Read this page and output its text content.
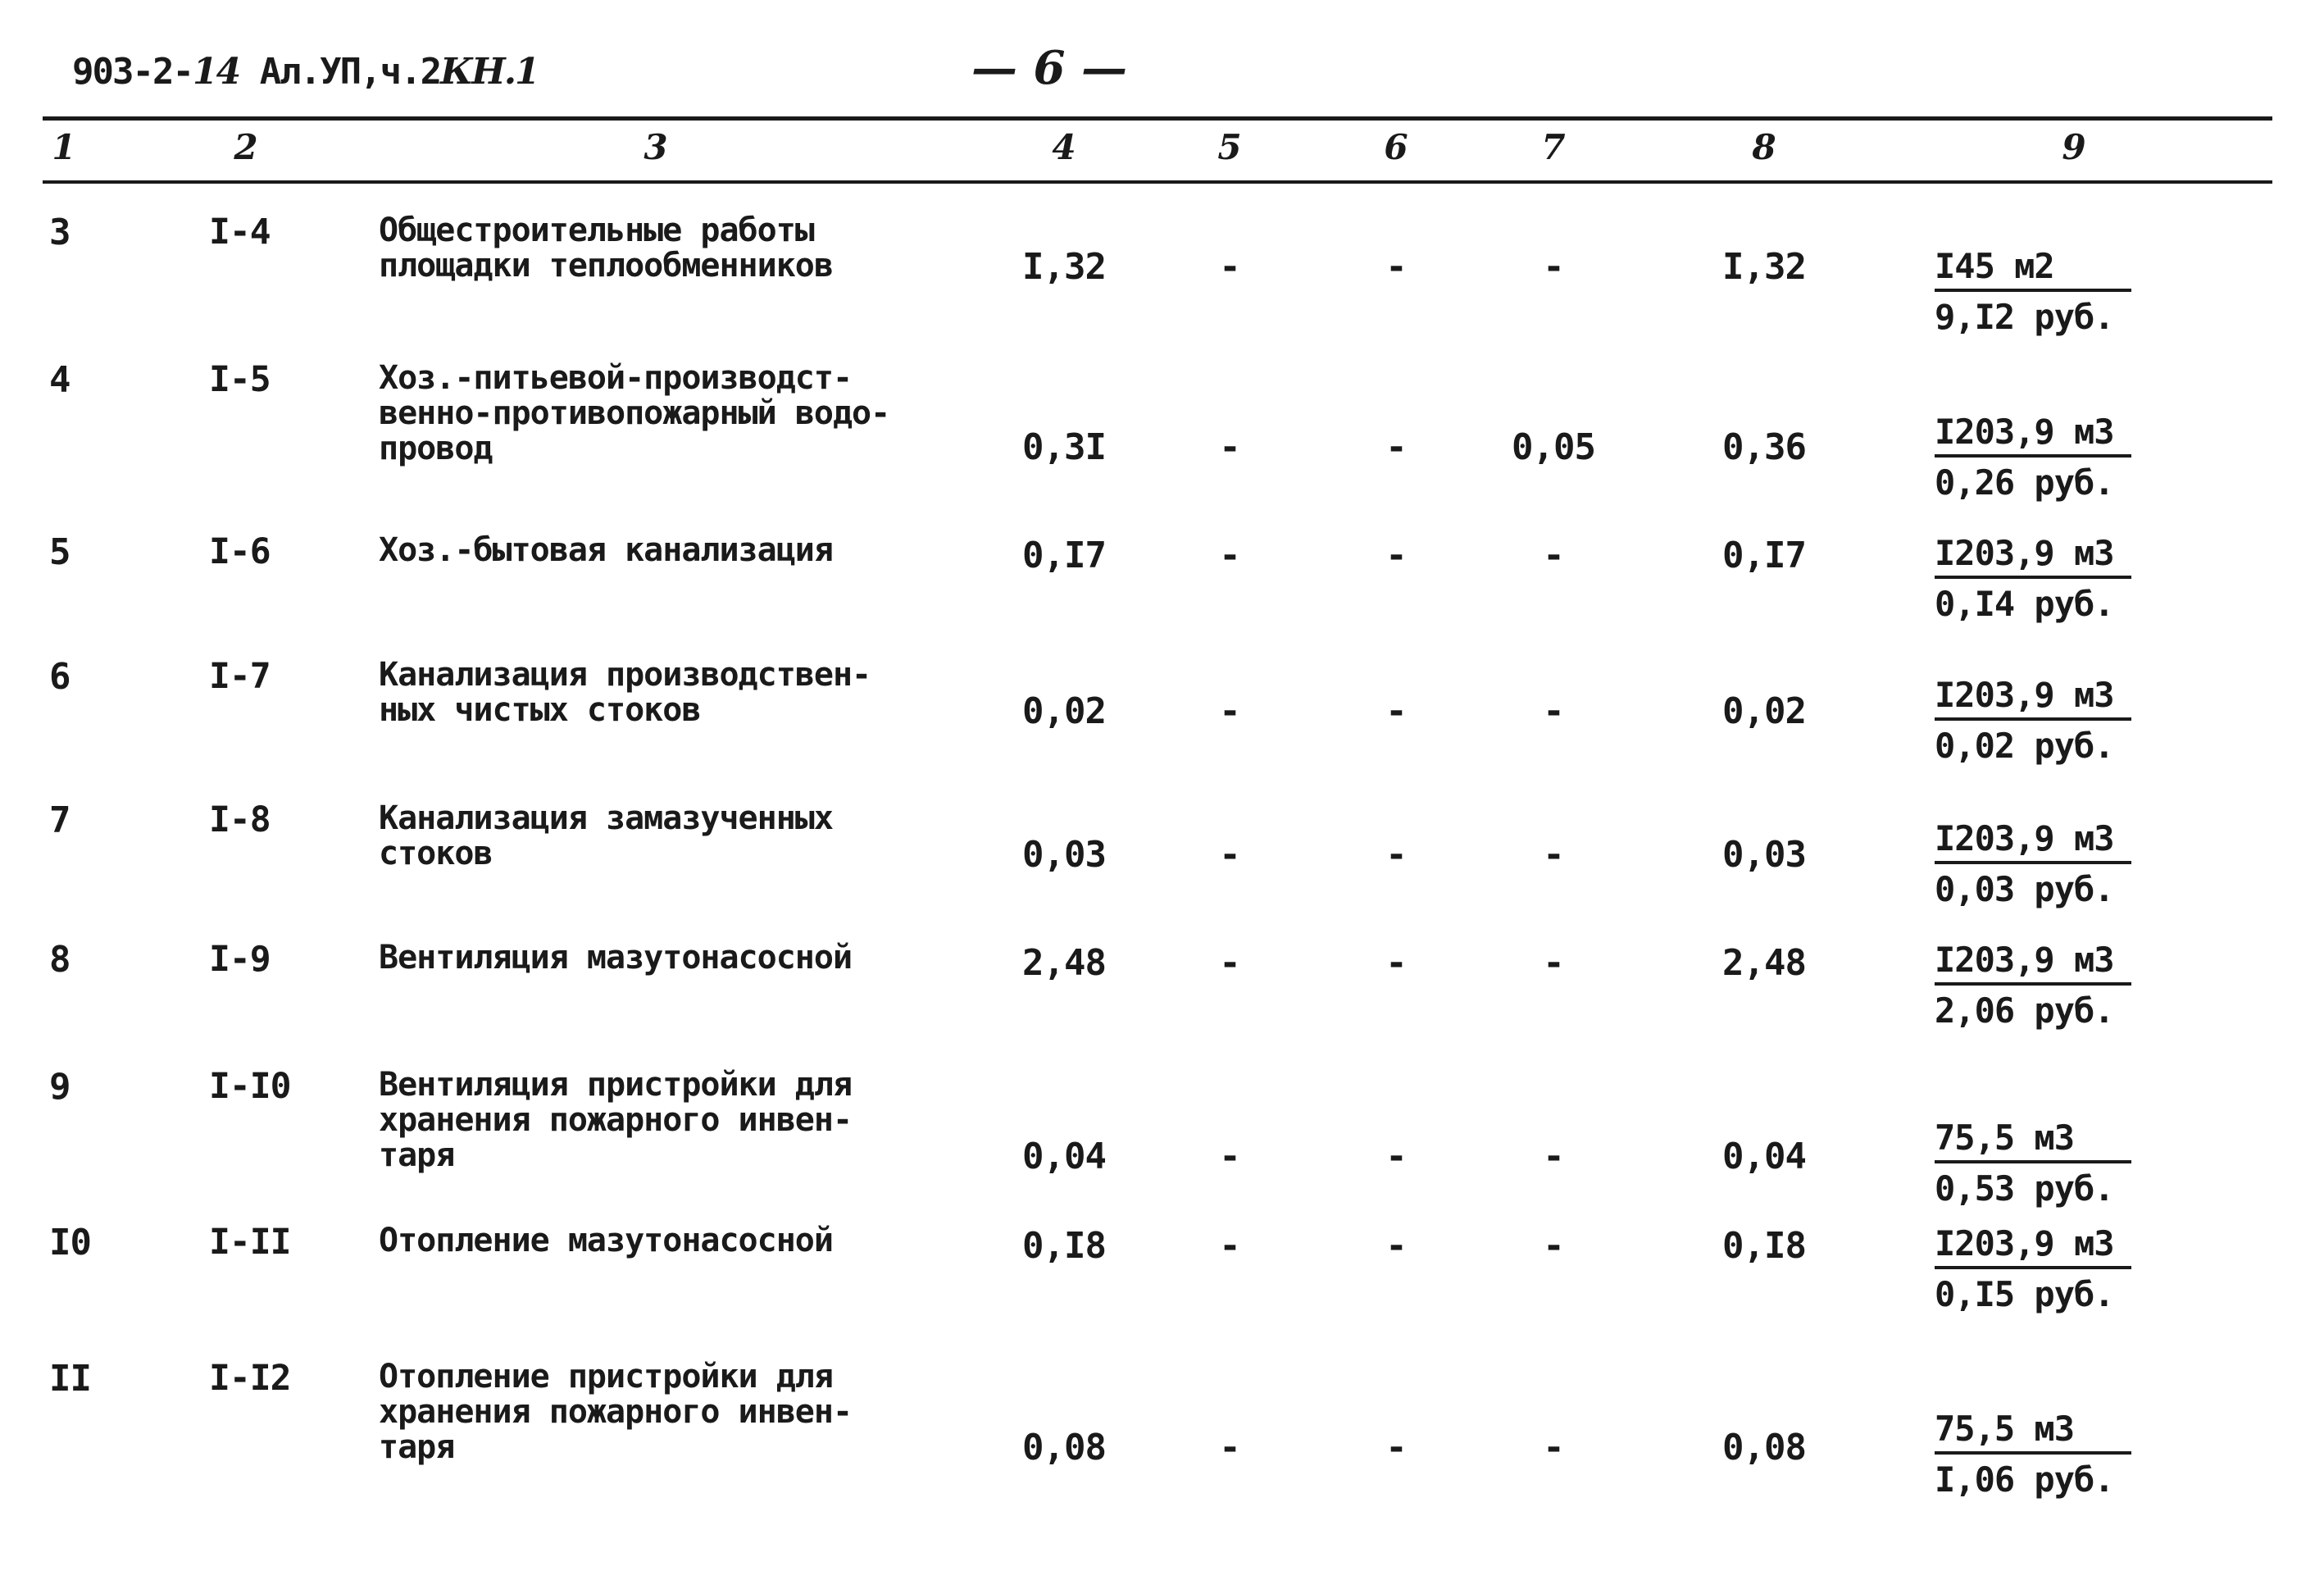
903-2-14 Ал.УП,ч.2КН.1	— 6 —
1	2	3	4	5	6	7	8	9
3	I-4	Общестроительные работы
площадки теплообменников	I,32	-	-	-	I,32	I45 м2
9,I2 руб.
4	I-5	Хоз.-питьевой-производст-
венно-противопожарный водо-
провод	0,3I	-	-	0,05	0,36	I203,9 м3
0,26 руб.
5	I-6	Хоз.-бытовая канализация	0,I7	-	-	-	0,I7	I203,9 м3
0,I4 руб.
6	I-7	Канализация производствен-
ных чистых стоков	0,02	-	-	-	0,02	I203,9 м3
0,02 руб.
7	I-8	Канализация замазученных
стоков	0,03	-	-	-	0,03	I203,9 м3
0,03 руб.
8	I-9	Вентиляция мазутонасосной	2,48	-	-	-	2,48	I203,9 м3
2,06 руб.
9	I-I0	Вентиляция пристройки для
хранения пожарного инвен-
таря	0,04	-	-	-	0,04	75,5 м3
0,53 руб.
I0	I-II	Отопление мазутонасосной	0,I8	-	-	-	0,I8	I203,9 м3
0,I5 руб.
II	I-I2	Отопление пристройки для
хранения пожарного инвен-
таря	0,08	-	-	-	0,08	75,5 м3
I,06 руб.
